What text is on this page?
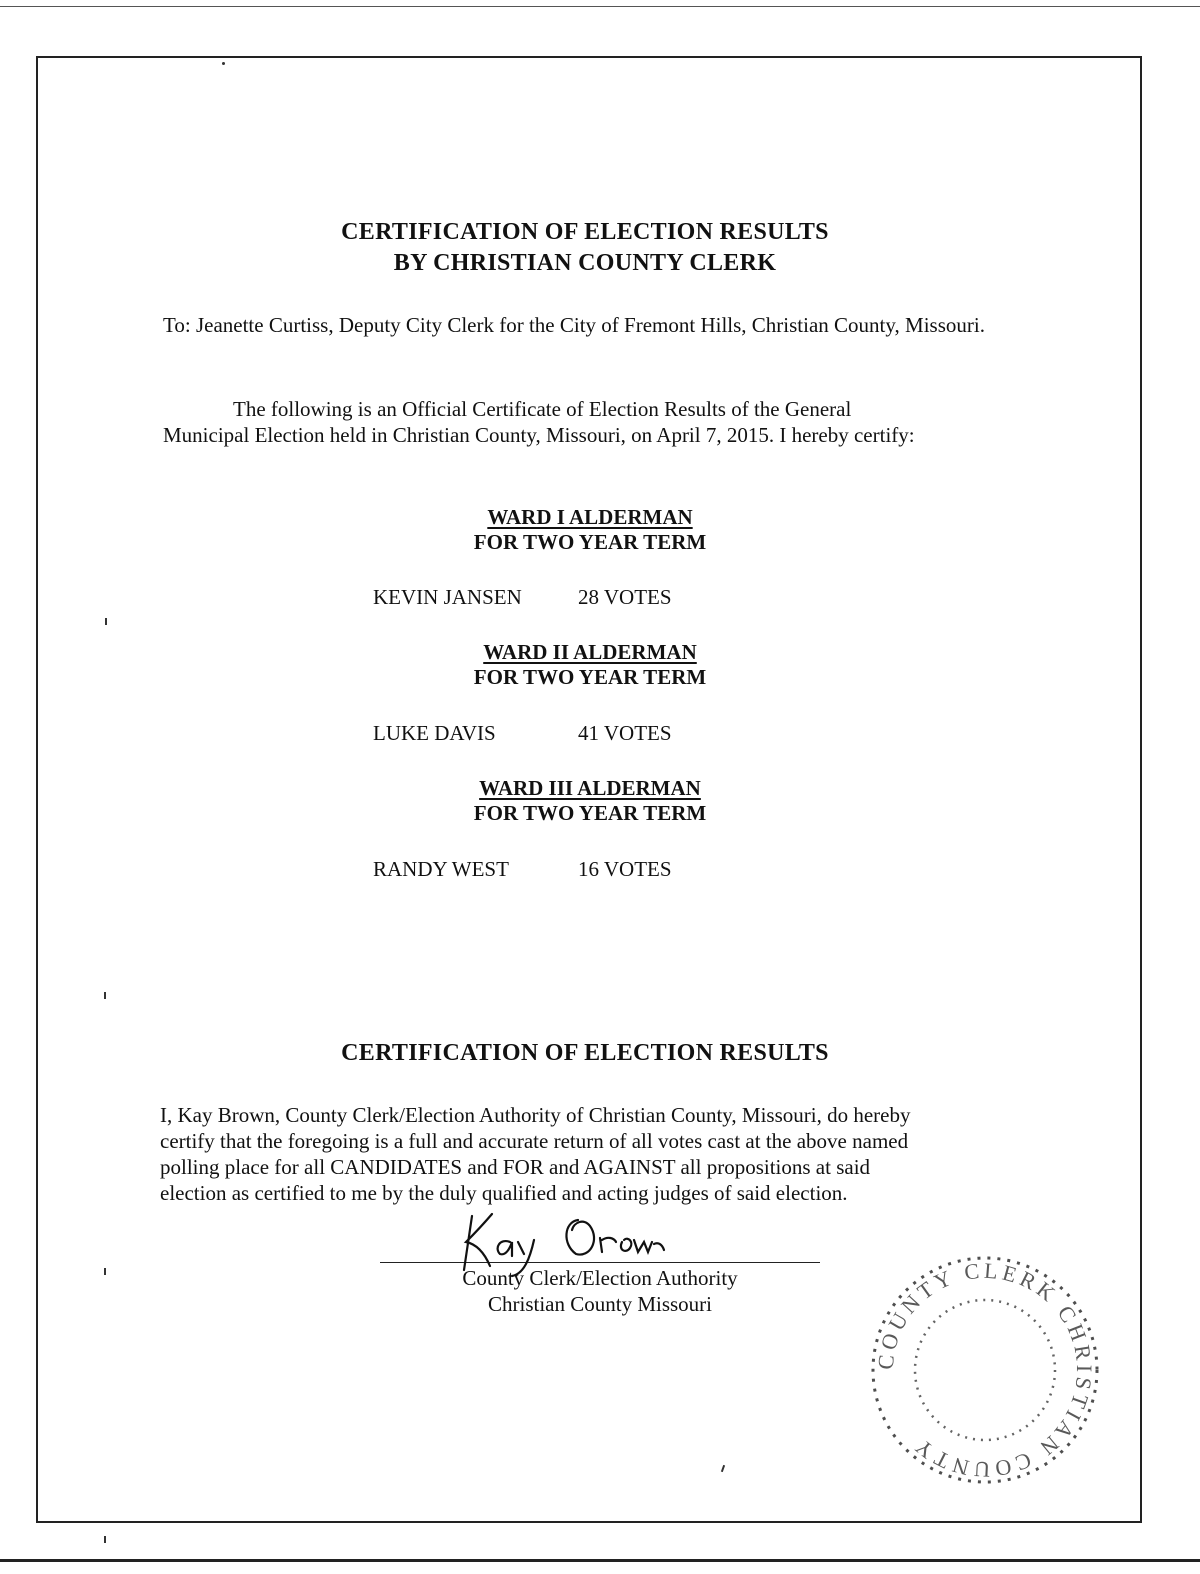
CERTIFICATION OF ELECTION RESULTS
BY CHRISTIAN COUNTY CLERK
To: Jeanette Curtiss, Deputy City Clerk for the City of Fremont Hills, Christian County, Missouri.
The following is an Official Certificate of Election Results of the General
Municipal Election held in Christian County, Missouri, on April 7, 2015. I hereby certify:
WARD I ALDERMAN
FOR TWO YEAR TERM
KEVIN JANSEN	28 VOTES
WARD II ALDERMAN
FOR TWO YEAR TERM
LUKE DAVIS	41 VOTES
WARD III ALDERMAN
FOR TWO YEAR TERM
RANDY WEST	16 VOTES
CERTIFICATION OF ELECTION RESULTS
I, Kay Brown, County Clerk/Election Authority of Christian County, Missouri, do hereby
certify that the foregoing is a full and accurate return of all votes cast at the above named
polling place for all CANDIDATES and FOR and AGAINST all propositions at said
election as certified to me by the duly qualified and acting judges of said election.
County Clerk/Election Authority
Christian County Missouri
COUNTY CLERK CHRISTIAN COUNTY
